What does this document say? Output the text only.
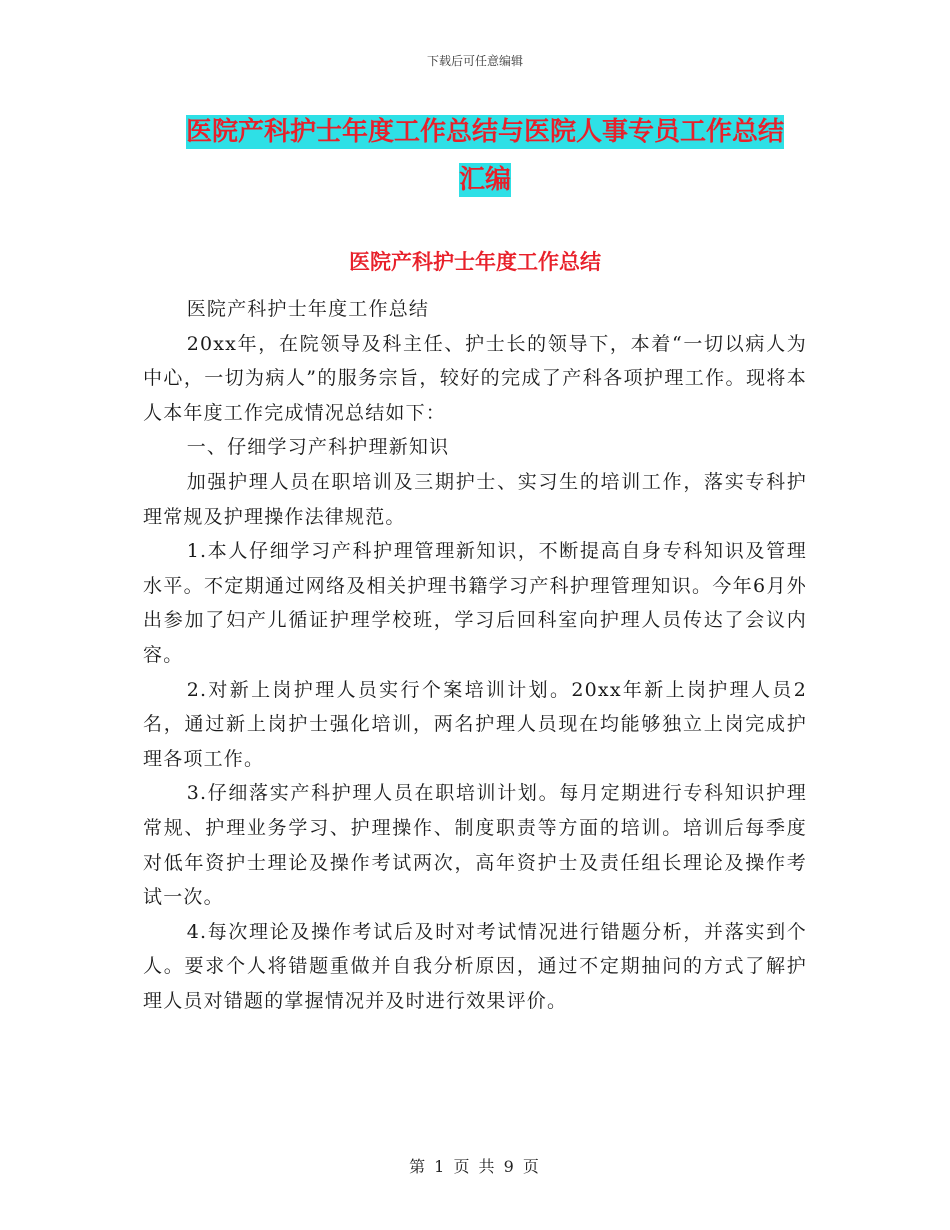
下载后可任意编辑
医院产科护士年度工作总结与医院人事专员工作总结
汇编
医院产科护士年度工作总结

医院产科护士年度工作总结

20xx年，在院领导及科主任、护士长的领导下，本着“一切以病人为中心，一切为病人”的服务宗旨，较好的完成了产科各项护理工作。现将本人本年度工作完成情况总结如下：

一、仔细学习产科护理新知识

加强护理人员在职培训及三期护士、实习生的培训工作，落实专科护理常规及护理操作法律规范。

1.本人仔细学习产科护理管理新知识，不断提高自身专科知识及管理水平。不定期通过网络及相关护理书籍学习产科护理管理知识。今年6月外出参加了妇产儿循证护理学校班，学习后回科室向护理人员传达了会议内容。

2.对新上岗护理人员实行个案培训计划。20xx年新上岗护理人员2名，通过新上岗护士强化培训，两名护理人员现在均能够独立上岗完成护理各项工作。

3.仔细落实产科护理人员在职培训计划。每月定期进行专科知识护理常规、护理业务学习、护理操作、制度职责等方面的培训。培训后每季度对低年资护士理论及操作考试两次，高年资护士及责任组长理论及操作考试一次。

4.每次理论及操作考试后及时对考试情况进行错题分析，并落实到个人。要求个人将错题重做并自我分析原因，通过不定期抽问的方式了解护理人员对错题的掌握情况并及时进行效果评价。

第 1 页 共 9 页
